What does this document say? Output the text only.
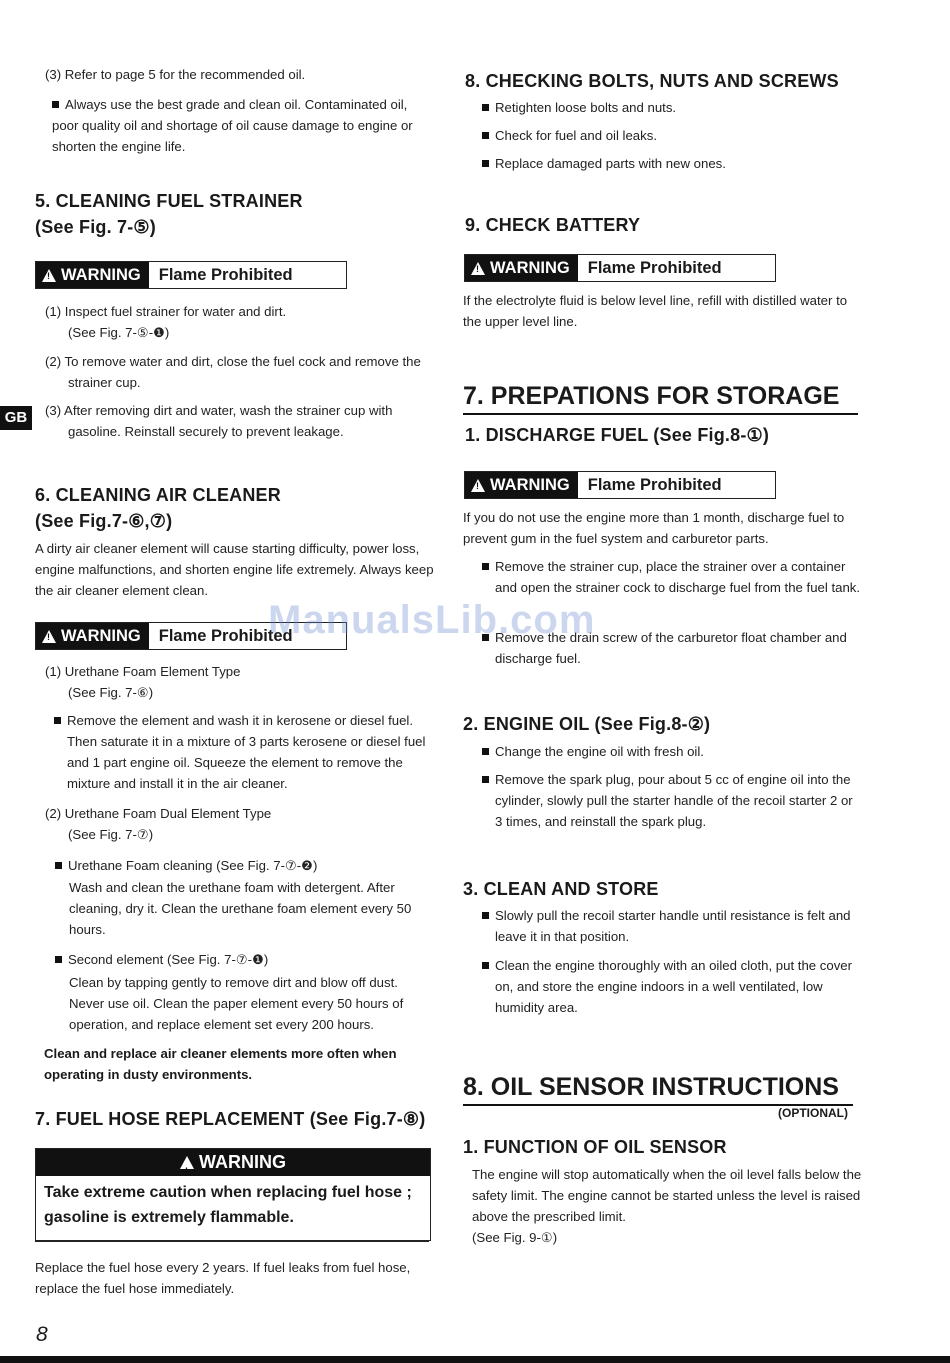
GB
(3) Refer to page 5 for the recommended oil.
Always use the best grade and clean oil. Contaminated oil, poor quality oil and shortage of oil cause damage to engine or shorten the engine life.
5. CLEANING FUEL STRAINER
(See Fig. 7-⑤)
!
WARNING	Flame Prohibited
(1) Inspect fuel strainer for water and dirt.
(See Fig. 7-⑤-❶)
(2) To remove water and dirt, close the fuel cock and remove the strainer cup.
(3) After removing dirt and water, wash the strainer cup with gasoline. Reinstall securely to prevent leakage.
6. CLEANING AIR CLEANER
(See Fig.7-⑥,⑦)
A dirty air cleaner element will cause starting difficulty, power loss, engine malfunctions, and shorten engine life extremely. Always keep the air cleaner element clean.
!
WARNING	Flame Prohibited
(1) Urethane Foam Element Type
(See Fig. 7-⑥)
Remove the element and wash it in kerosene or diesel fuel. Then saturate it in a mixture of 3 parts kerosene or diesel fuel and 1 part engine oil. Squeeze the element to remove the mixture and install it in the air cleaner.
(2) Urethane Foam Dual Element Type
(See Fig. 7-⑦)
Urethane Foam cleaning (See Fig. 7-⑦-❷)
Wash and clean the urethane foam with detergent. After cleaning, dry it. Clean the urethane foam element every 50 hours.
Second element (See Fig. 7-⑦-❶)
Clean by tapping gently to remove dirt and blow off dust. Never use oil. Clean the paper element every 50 hours of operation, and replace element set every 200 hours.
Clean and replace air cleaner elements more often when operating in dusty environments.
7. FUEL HOSE REPLACEMENT (See Fig.7-⑧)
! WARNING
Take extreme caution when replacing fuel hose ; gasoline is extremely flammable.
Replace the fuel hose every 2 years. If fuel leaks from fuel hose, replace the fuel hose immediately.
8
8. CHECKING BOLTS, NUTS AND SCREWS
Retighten loose bolts and nuts.
Check for fuel and oil leaks.
Replace damaged parts with new ones.
9. CHECK BATTERY
!
WARNING	Flame Prohibited
If the electrolyte fluid is below level line, refill with distilled water to the upper level line.
7. PREPATIONS FOR STORAGE
1. DISCHARGE FUEL (See Fig.8-①)
!
WARNING	Flame Prohibited
If you do not use the engine more than 1 month, discharge fuel to prevent gum in the fuel system and carburetor parts.
Remove the strainer cup, place the strainer over a container and open the strainer cock to discharge fuel from the fuel tank.
Remove the drain screw of the carburetor float chamber and discharge fuel.
2. ENGINE OIL (See Fig.8-②)
Change the engine oil with fresh oil.
Remove the spark plug, pour about 5 cc of engine oil into the cylinder, slowly pull the starter handle of the recoil starter 2 or 3 times, and reinstall the spark plug.
3. CLEAN AND STORE
Slowly pull the recoil starter handle until resistance is felt and leave it in that position.
Clean the engine thoroughly with an oiled cloth, put the cover on, and store the engine indoors in a well ventilated, low humidity area.
8. OIL SENSOR INSTRUCTIONS
(OPTIONAL)
1. FUNCTION OF OIL SENSOR
The engine will stop automatically when the oil level falls below the safety limit. The engine cannot be started unless the level is raised above the prescribed limit.
(See Fig. 9-①)
ManualsLib.com
